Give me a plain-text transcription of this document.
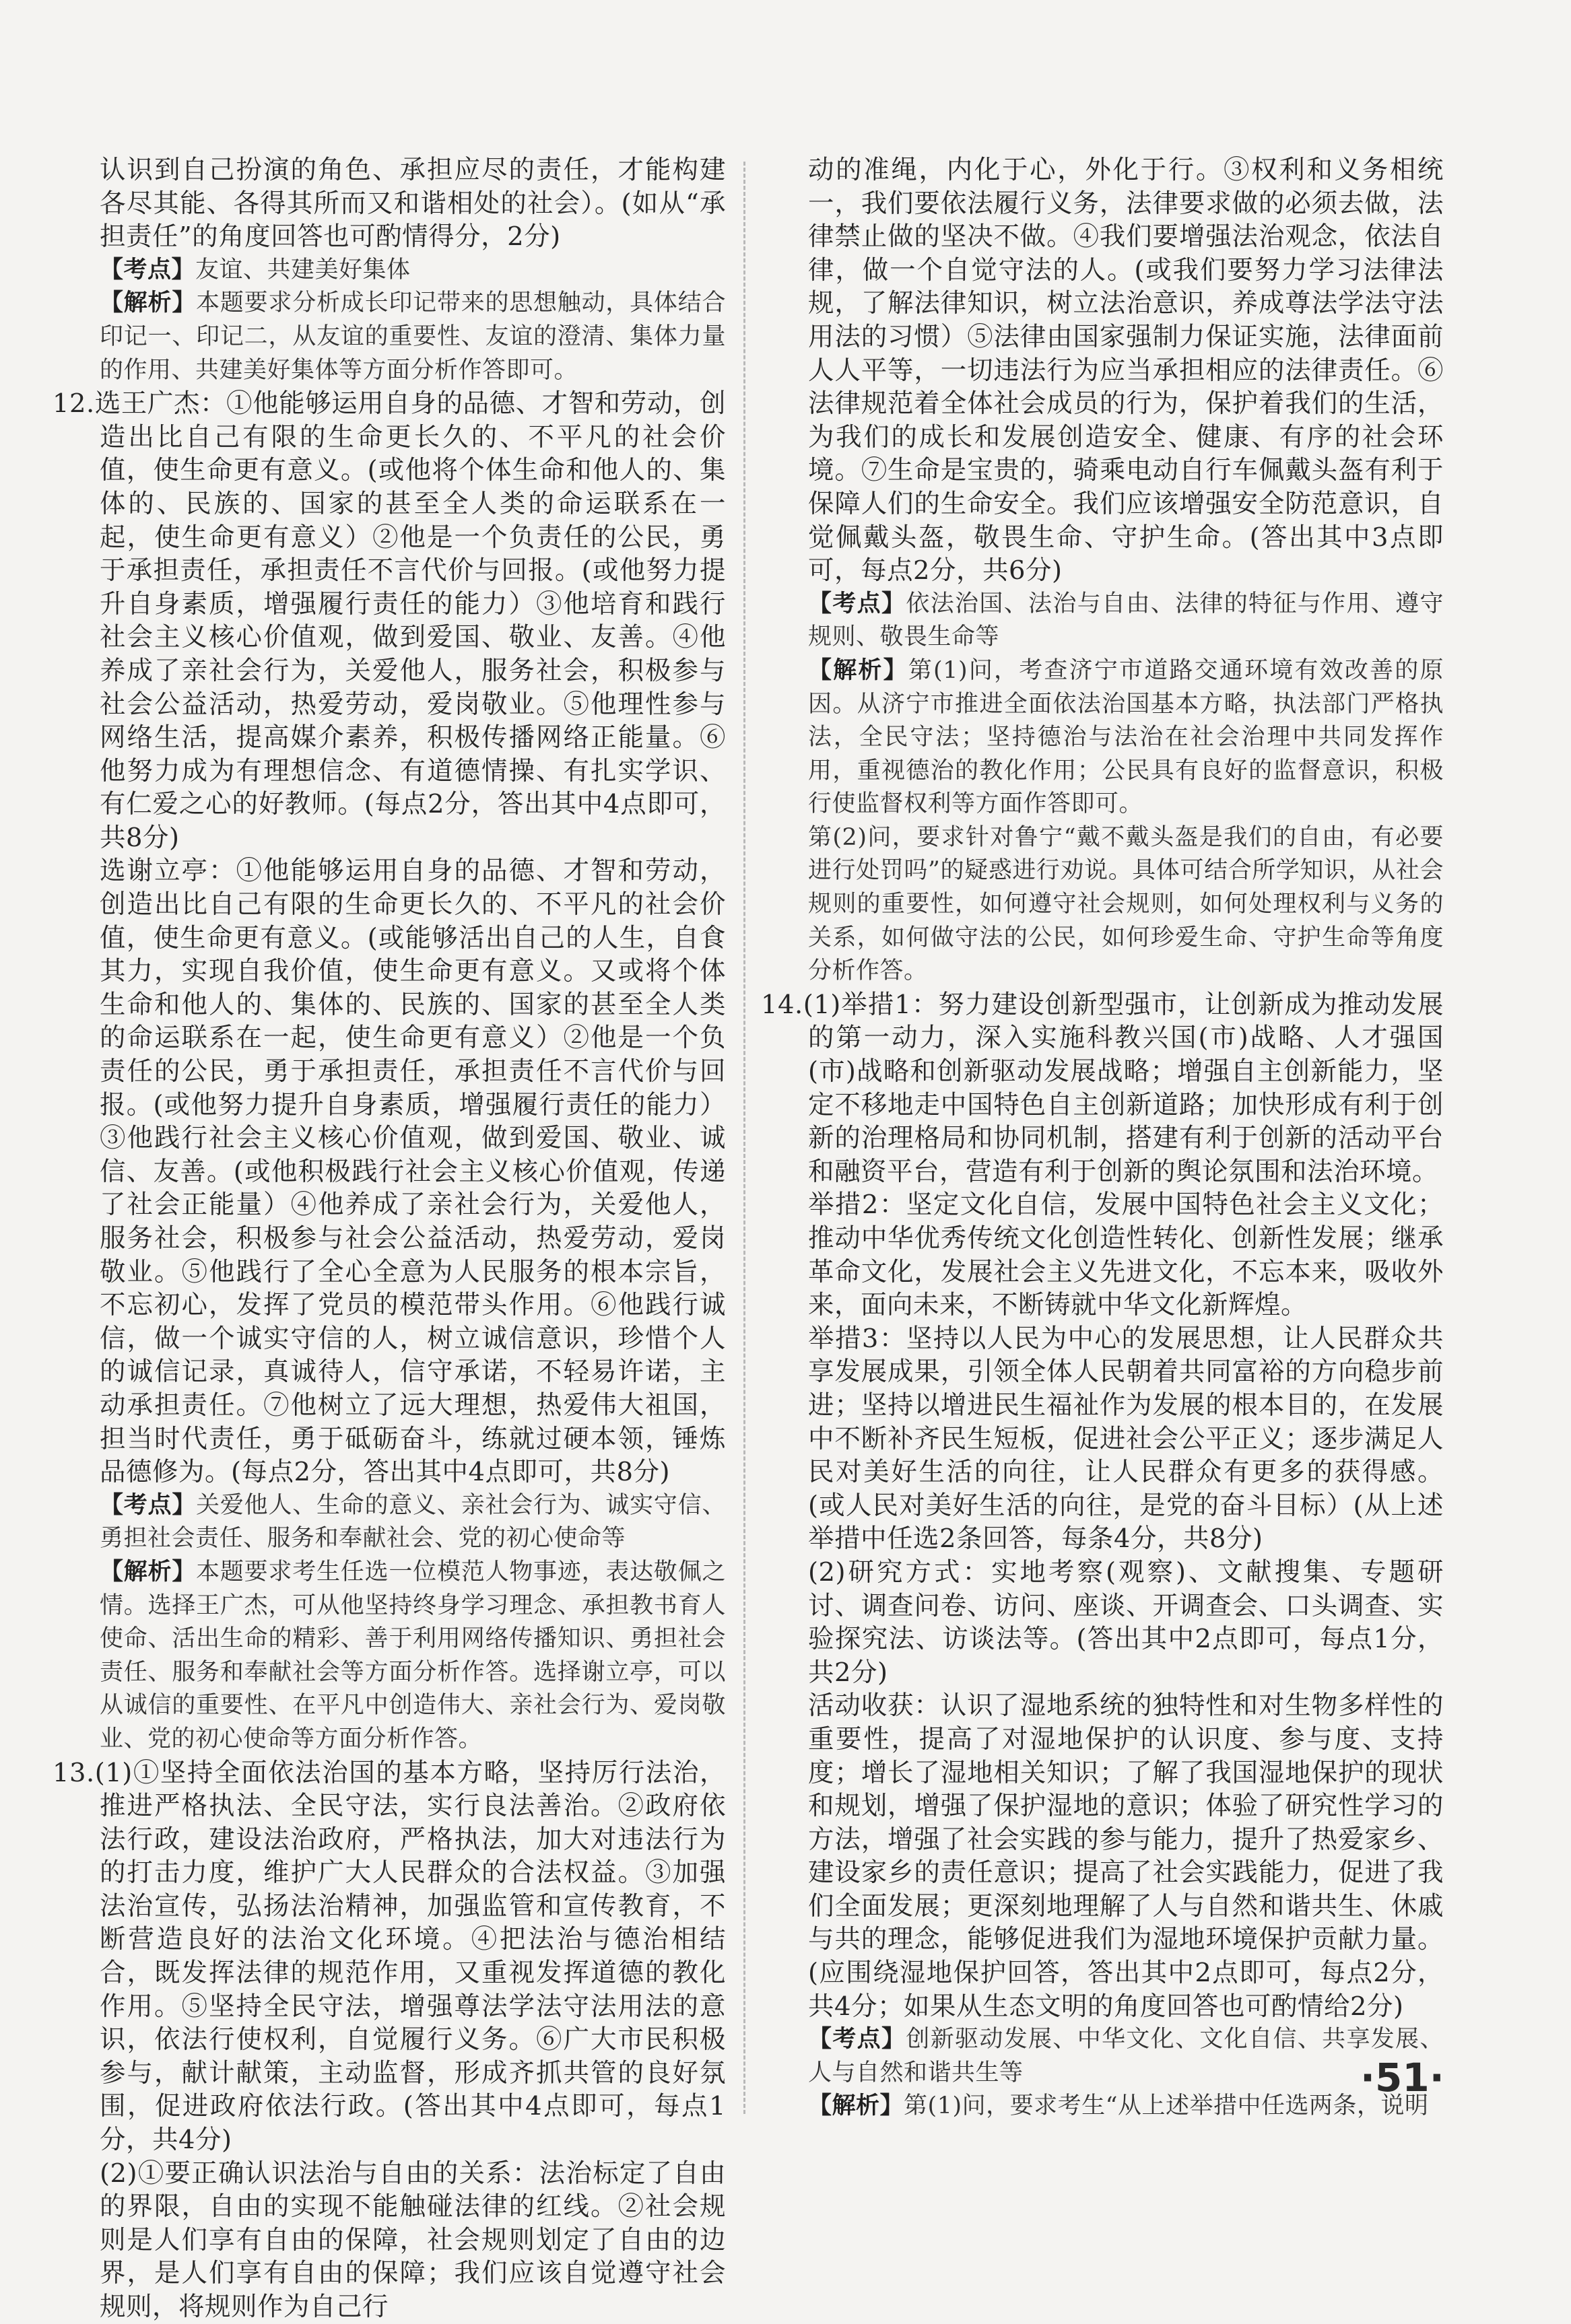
认识到自己扮演的角色、承担应尽的责任，才能构建各尽其能、各得其所而又和谐相处的社会）。(如从“承担责任”的角度回答也可酌情得分，2分)

【考点】友谊、共建美好集体

【解析】本题要求分析成长印记带来的思想触动，具体结合印记一、印记二，从友谊的重要性、友谊的澄清、集体力量的作用、共建美好集体等方面分析作答即可。

12.选王广杰：①他能够运用自身的品德、才智和劳动，创造出比自己有限的生命更长久的、不平凡的社会价值，使生命更有意义。(或他将个体生命和他人的、集体的、民族的、国家的甚至全人类的命运联系在一起，使生命更有意义）②他是一个负责任的公民，勇于承担责任，承担责任不言代价与回报。(或他努力提升自身素质，增强履行责任的能力）③他培育和践行社会主义核心价值观，做到爱国、敬业、友善。④他养成了亲社会行为，关爱他人，服务社会，积极参与社会公益活动，热爱劳动，爱岗敬业。⑤他理性参与网络生活，提高媒介素养，积极传播网络正能量。⑥他努力成为有理想信念、有道德情操、有扎实学识、有仁爱之心的好教师。(每点2分，答出其中4点即可，共8分)

选谢立亭：①他能够运用自身的品德、才智和劳动，创造出比自己有限的生命更长久的、不平凡的社会价值，使生命更有意义。(或能够活出自己的人生，自食其力，实现自我价值，使生命更有意义。又或将个体生命和他人的、集体的、民族的、国家的甚至全人类的命运联系在一起，使生命更有意义）②他是一个负责任的公民，勇于承担责任，承担责任不言代价与回报。(或他努力提升自身素质，增强履行责任的能力）③他践行社会主义核心价值观，做到爱国、敬业、诚信、友善。(或他积极践行社会主义核心价值观，传递了社会正能量）④他养成了亲社会行为，关爱他人，服务社会，积极参与社会公益活动，热爱劳动，爱岗敬业。⑤他践行了全心全意为人民服务的根本宗旨，不忘初心，发挥了党员的模范带头作用。⑥他践行诚信，做一个诚实守信的人，树立诚信意识，珍惜个人的诚信记录，真诚待人，信守承诺，不轻易许诺，主动承担责任。⑦他树立了远大理想，热爱伟大祖国，担当时代责任，勇于砥砺奋斗，练就过硬本领，锤炼品德修为。(每点2分，答出其中4点即可，共8分)

【考点】关爱他人、生命的意义、亲社会行为、诚实守信、勇担社会责任、服务和奉献社会、党的初心使命等

【解析】本题要求考生任选一位模范人物事迹，表达敬佩之情。选择王广杰，可从他坚持终身学习理念、承担教书育人使命、活出生命的精彩、善于利用网络传播知识、勇担社会责任、服务和奉献社会等方面分析作答。选择谢立亭，可以从诚信的重要性、在平凡中创造伟大、亲社会行为、爱岗敬业、党的初心使命等方面分析作答。

13.(1)①坚持全面依法治国的基本方略，坚持厉行法治，推进严格执法、全民守法，实行良法善治。②政府依法行政，建设法治政府，严格执法，加大对违法行为的打击力度，维护广大人民群众的合法权益。③加强法治宣传，弘扬法治精神，加强监管和宣传教育，不断营造良好的法治文化环境。④把法治与德治相结合，既发挥法律的规范作用，又重视发挥道德的教化作用。⑤坚持全民守法，增强尊法学法守法用法的意识，依法行使权利，自觉履行义务。⑥广大市民积极参与，献计献策，主动监督，形成齐抓共管的良好氛围，促进政府依法行政。(答出其中4点即可，每点1分，共4分)

(2)①要正确认识法治与自由的关系：法治标定了自由的界限，自由的实现不能触碰法律的红线。②社会规则是人们享有自由的保障，社会规则划定了自由的边界，是人们享有自由的保障；我们应该自觉遵守社会规则，将规则作为自己行

动的准绳，内化于心，外化于行。③权利和义务相统一，我们要依法履行义务，法律要求做的必须去做，法律禁止做的坚决不做。④我们要增强法治观念，依法自律，做一个自觉守法的人。(或我们要努力学习法律法规，了解法律知识，树立法治意识，养成尊法学法守法用法的习惯）⑤法律由国家强制力保证实施，法律面前人人平等，一切违法行为应当承担相应的法律责任。⑥法律规范着全体社会成员的行为，保护着我们的生活，为我们的成长和发展创造安全、健康、有序的社会环境。⑦生命是宝贵的，骑乘电动自行车佩戴头盔有利于保障人们的生命安全。我们应该增强安全防范意识，自觉佩戴头盔，敬畏生命、守护生命。(答出其中3点即可，每点2分，共6分)

【考点】依法治国、法治与自由、法律的特征与作用、遵守规则、敬畏生命等

【解析】第(1)问，考查济宁市道路交通环境有效改善的原因。从济宁市推进全面依法治国基本方略，执法部门严格执法，全民守法；坚持德治与法治在社会治理中共同发挥作用，重视德治的教化作用；公民具有良好的监督意识，积极行使监督权利等方面作答即可。

第(2)问，要求针对鲁宁“戴不戴头盔是我们的自由，有必要进行处罚吗”的疑惑进行劝说。具体可结合所学知识，从社会规则的重要性，如何遵守社会规则，如何处理权利与义务的关系，如何做守法的公民，如何珍爱生命、守护生命等角度分析作答。

14.(1)举措1：努力建设创新型强市，让创新成为推动发展的第一动力，深入实施科教兴国(市)战略、人才强国(市)战略和创新驱动发展战略；增强自主创新能力，坚定不移地走中国特色自主创新道路；加快形成有利于创新的治理格局和协同机制，搭建有利于创新的活动平台和融资平台，营造有利于创新的舆论氛围和法治环境。

举措2：坚定文化自信，发展中国特色社会主义文化；推动中华优秀传统文化创造性转化、创新性发展；继承革命文化，发展社会主义先进文化，不忘本来，吸收外来，面向未来，不断铸就中华文化新辉煌。

举措3：坚持以人民为中心的发展思想，让人民群众共享发展成果，引领全体人民朝着共同富裕的方向稳步前进；坚持以增进民生福祉作为发展的根本目的，在发展中不断补齐民生短板，促进社会公平正义；逐步满足人民对美好生活的向往，让人民群众有更多的获得感。(或人民对美好生活的向往，是党的奋斗目标）(从上述举措中任选2条回答，每条4分，共8分)

(2)研究方式：实地考察(观察)、文献搜集、专题研讨、调查问卷、访问、座谈、开调查会、口头调查、实验探究法、访谈法等。(答出其中2点即可，每点1分，共2分)

活动收获：认识了湿地系统的独特性和对生物多样性的重要性，提高了对湿地保护的认识度、参与度、支持度；增长了湿地相关知识；了解了我国湿地保护的现状和规划，增强了保护湿地的意识；体验了研究性学习的方法，增强了社会实践的参与能力，提升了热爱家乡、建设家乡的责任意识；提高了社会实践能力，促进了我们全面发展；更深刻地理解了人与自然和谐共生、休戚与共的理念，能够促进我们为湿地环境保护贡献力量。(应围绕湿地保护回答，答出其中2点即可，每点2分，共4分；如果从生态文明的角度回答也可酌情给2分)

【考点】创新驱动发展、中华文化、文化自信、共享发展、人与自然和谐共生等

【解析】第(1)问，要求考生“从上述举措中任选两条，说明

·51·
